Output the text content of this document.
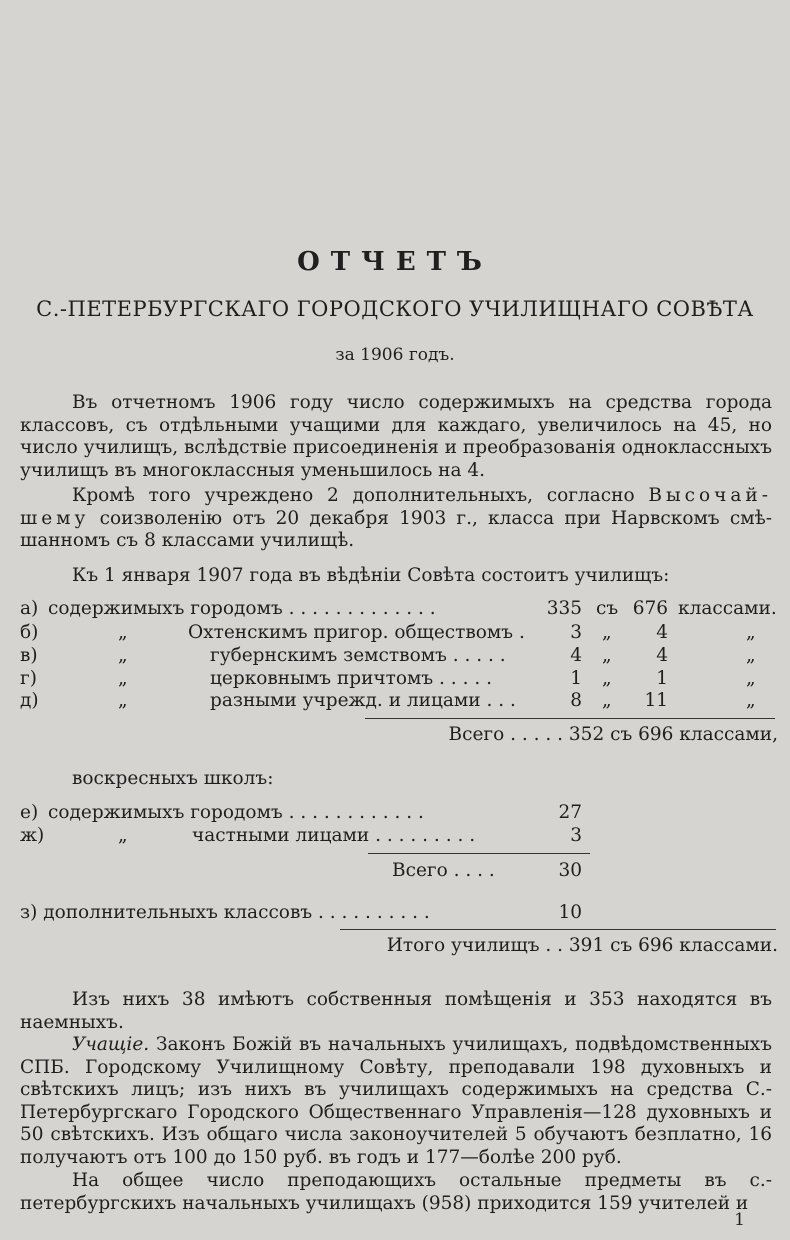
ОТЧЕТЪ
С.-ПЕТЕРБУРГСКАГО ГОРОДСКОГО УЧИЛИЩНАГО СОВѢТА
за 1906 годъ.
Въ отчетномъ 1906 году число содержимыхъ на средства города классовъ, съ отдѣльными учащими для каждаго, увеличилось на 45, но число училищъ, вслѣдствіе присоединенія и преобразованія одноклассныхъ училищъ въ многоклассныя уменьшилось на 4.
Кромѣ того учреждено 2 дополнительныхъ, согласно Высочай- шему соизволенію отъ 20 декабря 1903 г., класса при Нарвскомъ смѣ- шанномъ съ 8 классами училищѣ.
Къ 1 января 1907 года въ вѣдѣніи Совѣта состоитъ училищъ:
а) содержимыхъ городомъ . . . . . . . . . . . . .	335 съ 676 классами.
б)	„	Охтенскимъ пригор. обществомъ .	3 „	4	„
в)	„	губернскимъ земствомъ . . . . .	4 „	4	„
г)	„	церковнымъ причтомъ . . . . .	1 „	1	„
д)	„	разными учрежд. и лицами . . .	8 „	11	„
Всего . . . . . 352 съ 696 классами,
воскресныхъ школъ:
е) содержимыхъ городомъ . . . . . . . . . . . .	27
ж)	„	частными лицами . . . . . . . . .	3
Всего . . . .	30
з) дополнительныхъ классовъ . . . . . . . . . .	10
Итого училищъ . . 391 съ 696 классами.
Изъ нихъ 38 имѣютъ собственныя помѣщенія и 353 находятся въ наемныхъ.
Учащіе. Законъ Божій въ начальныхъ училищахъ, подвѣдомственныхъ СПБ. Городскому Училищному Совѣту, преподавали 198 духовныхъ и свѣтскихъ лицъ; изъ нихъ въ училищахъ содержимыхъ на средства С.-Петербургскаго Городского Общественнаго Управленія—128 духовныхъ и 50 свѣтскихъ. Изъ общаго числа законоучителей 5 обучаютъ безплатно, 16 получаютъ отъ 100 до 150 руб. въ годъ и 177—болѣе 200 руб.
На общее число преподающихъ остальные предметы въ с.-петербургскихъ начальныхъ училищахъ (958) приходится 159 учителей и
1
